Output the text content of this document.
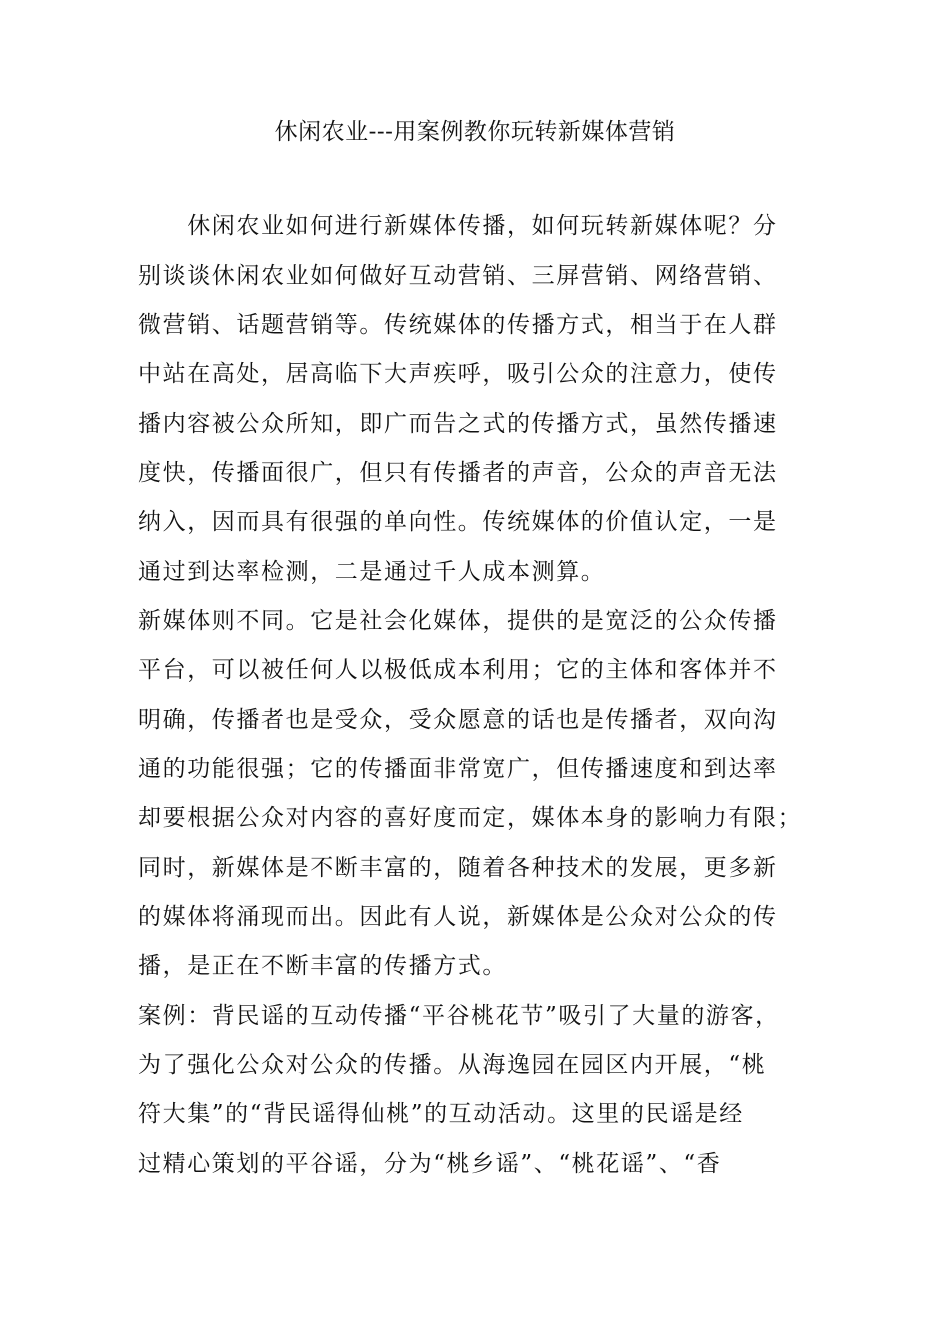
休闲农业---用案例教你玩转新媒体营销
　　休闲农业如何进行新媒体传播，如何玩转新媒体呢？分
别谈谈休闲农业如何做好互动营销、三屏营销、网络营销、
微营销、话题营销等。传统媒体的传播方式，相当于在人群
中站在高处，居高临下大声疾呼，吸引公众的注意力，使传
播内容被公众所知，即广而告之式的传播方式，虽然传播速
度快，传播面很广，但只有传播者的声音，公众的声音无法
纳入，因而具有很强的单向性。传统媒体的价值认定，一是
通过到达率检测，二是通过千人成本测算。
新媒体则不同。它是社会化媒体，提供的是宽泛的公众传播
平台，可以被任何人以极低成本利用；它的主体和客体并不
明确，传播者也是受众，受众愿意的话也是传播者，双向沟
通的功能很强；它的传播面非常宽广，但传播速度和到达率
却要根据公众对内容的喜好度而定，媒体本身的影响力有限；
同时，新媒体是不断丰富的，随着各种技术的发展，更多新
的媒体将涌现而出。因此有人说，新媒体是公众对公众的传
播，是正在不断丰富的传播方式。
案例：背民谣的互动传播“平谷桃花节”吸引了大量的游客，
为了强化公众对公众的传播。从海逸园在园区内开展，“桃
符大集”的“背民谣得仙桃”的互动活动。这里的民谣是经
过精心策划的平谷谣，分为“桃乡谣”、“桃花谣”、“香
